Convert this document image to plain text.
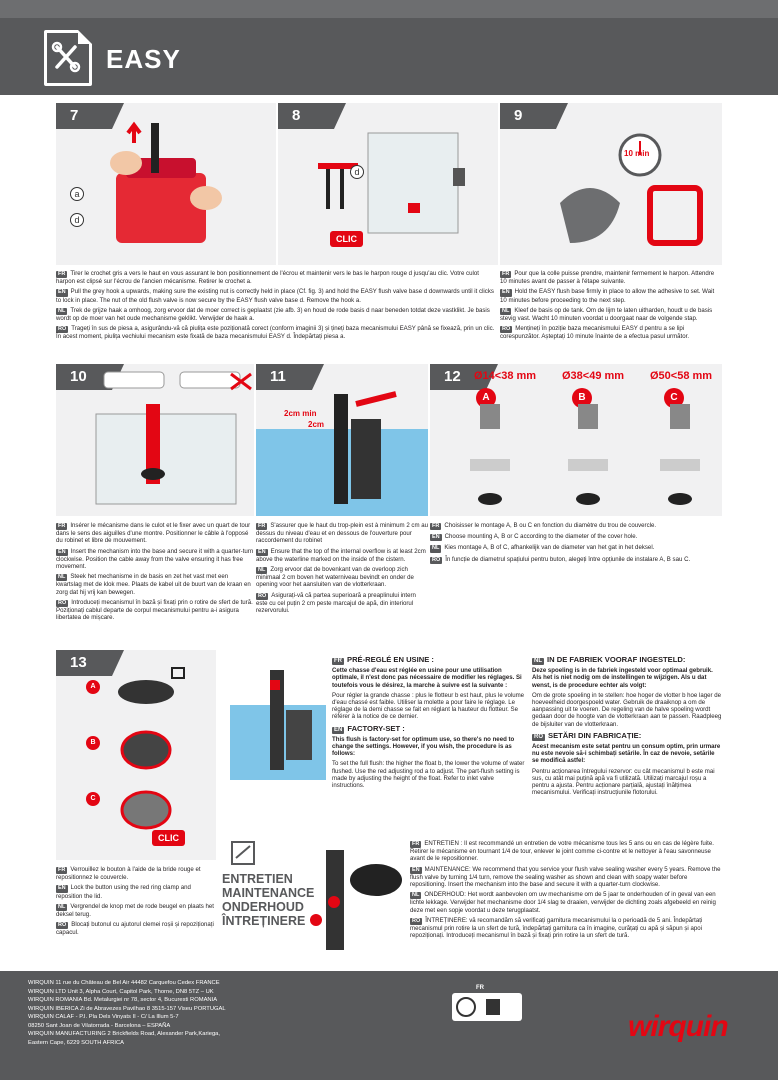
EASY
7
a
d
8
d
CLIC
9
10 min

FR Tirer le crochet gris a vers le haut en vous assurant le bon positionnement de l'écrou et maintenir vers le bas le harpon rouge d jusqu'au clic. Votre culot harpon est clipsé sur l'écrou de l'ancien mécanisme. Retirer le crochet a.

EN Pull the grey hook a upwards, making sure the existing nut is correctly held in place (Cf. fig. 3) and hold the EASY flush valve base d downwards until it clicks to lock in place. The nut of the old flush valve is now secure by the EASY flush valve base d. Remove the hook a.

NL Trek de grijze haak a omhoog, zorg ervoor dat de moer correct is geplaatst (zie afb. 3) en houd de rode basis d naar beneden totdat deze vastklikt. Je basis wordt op de moer van het oude mechanisme geklikt. Verwijder de haak a.

RO Trageți în sus de piesa a, asigurându-vă că piulița este poziționată corect (conform imaginii 3) și țineți baza mecanismului EASY până se fixează, prin un clic. În acest moment, piulița vechiului mecanism este fixată de baza mecanismului EASY d. Îndepărtați piesa a.

FR Pour que la colle puisse prendre, maintenir fermement le harpon. Attendre 10 minutes avant de passer à l'étape suivante.

EN Hold the EASY flush base firmly in place to allow the adhesive to set. Wait 10 minutes before proceeding to the next step.

NL Kleef de basis op de tank. Om de lijm te laten uitharden, houdt u de basis stevig vast. Wacht 10 minuten voordat u doorgaat naar de volgende stap.

RO Mențineți în poziție baza mecanismului EASY d pentru a se lipi corespunzător. Așteptați 10 minute înainte de a efectua pasul următor.

10	11
2cm min
2cm
12	Ø14<38 mm Ø38<49 mm Ø50<58 mm
A	B	C

FR Insérer le mécanisme dans le culot et le fixer avec un quart de tour dans le sens des aiguilles d'une montre. Positionner le câble à l'opposé du robinet et libre de mouvement.

EN Insert the mechanism into the base and secure it with a quarter-turn clockwise. Position the cable away from the valve ensuring it has free movement.

NL Steek het mechanisme in de basis en zet het vast met een kwartslag met de klok mee. Plaats de kabel uit de buurt van de kraan en zorg dat hij vrij kan bewegen.

RO Introduceți mecanismul în bază și fixați prin o rotire de sfert de tură. Poziționați cablul departe de corpul mecanismului pentru a-i asigura libertatea de mișcare.

FR S'assurer que le haut du trop-plein est à minimum 2 cm au dessus du niveau d'eau et en dessous de l'ouverture pour raccordement du robinet

EN Ensure that the top of the internal overflow is at least 2cm above the waterline marked on the inside of the cistern.

NL Zorg ervoor dat de bovenkant van de overloop zich minimaal 2 cm boven het waterniveau bevindt en onder de opening voor het aansluiten van de vlotterkraan.

RO Asigurați-vă că partea superioară a preaplinului intern este cu cel puțin 2 cm peste marcajul de apă, din interiorul rezervorului.

FR Choisisser le montage A, B ou C en fonction du diamètre du trou de couvercle.

EN Choose mounting A, B or C according to the diameter of the cover hole.

NL Kies montage A, B of C, afhankelijk van de diameter van het gat in het deksel.

RO În funcție de diametrul spațiului pentru buton, alegeți între opțiunile de instalare A, B sau C.

13
A
B
C
CLIC

FR Verrouillez le bouton à l'aide de la bride rouge et repositionnez le couvercle.

EN Lock the button using the red ring clamp and reposition the lid.

NL Vergrendel de knop met de rode beugel en plaats het deksel terug.

RO Blocați butonul cu ajutorul clemei roșii și repoziționați capacul.

FR PRÉ-REGLÉ EN USINE :

Cette chasse d'eau est réglée en usine pour une utilisation optimale, il n'est donc pas nécessaire de modifier les réglages. Si toutefois vous le désirez, la marche à suivre est la suivante :

Pour régler la grande chasse : plus le flotteur b est haut, plus le volume d'eau chassé est faible. Utiliser la molette a pour faire le réglage. Le réglage de la demi chasse se fait en réglant la hauteur du flotteur. Se référer à la notice de ce dernier.

EN FACTORY-SET :

This flush is factory-set for optimum use, so there's no need to change the settings. However, if you wish, the procedure is as follows:

To set the full flush: the higher the float b, the lower the volume of water flushed. Use the red adjusting rod a to adjust. The part-flush setting is made by adjusting the height of the float. Refer to inlet valve instructions.

NL IN DE FABRIEK VOORAF INGESTELD:

Deze spoeling is in de fabriek ingesteld voor optimaal gebruik. Als het is niet nodig om de instellingen te wijzigen. Als u dat wenst, is de procedure echter als volgt:

Om de grote spoeling in te stellen: hoe hoger de vlotter b hoe lager de hoeveelheid doorgespoeld water. Gebruik de draaiknop a om de aanpassing uit te voeren. De regeling van de halve spoeling wordt gedaan door de hoogte van de vlotterkraan aan te passen. Raadpleeg de bijsluiter van de vlotterkraan.

RO SETĂRI DIN FABRICAȚIE:

Acest mecanism este setat pentru un consum optim, prin urmare nu este nevoie să-i schimbați setările. În caz de nevoie, setările se modifică astfel:

Pentru acționarea întregului rezervor: cu cât mecanismul b este mai sus, cu atât mai puțină apă va fi utilizată. Utilizați marcajul roșu a pentru a ajusta. Pentru acționare parțială, ajustați înălțimea mecanismului. Verificați instrucțiunile flotorului.

ENTRETIEN
MAINTENANCE
ONDERHOUD
ÎNTREȚINERE

FR ENTRETIEN : Il est recommandé un entretien de votre mécanisme tous les 5 ans ou en cas de légère fuite. Retirer le mécanisme en tournant 1/4 de tour, enlever le joint comme ci-contre et le nettoyer à l'eau savonneuse avant de le repositionner.

EN MAINTENANCE: We recommend that you service your flush valve sealing washer every 5 years. Remove the flush valve by turning 1/4 turn, remove the sealing washer as shown and clean with soapy water before repositioning. Insert the mechanism into the base and secure it with a quarter-turn clockwise.

NL ONDERHOUD: Het wordt aanbevolen om uw mechanisme om de 5 jaar te onderhouden of in geval van een lichte lekkage. Verwijder het mechanisme door 1/4 slag te draaien, verwijder de dichting zoals afgebeeld en reinig deze met een sopje voordat u deze terugplaatst.

RO ÎNTREȚINERE: vă recomandăm să verificați garnitura mecanismului la o perioadă de 5 ani. Îndepărtați mecanismul prin rotire la un sfert de tură, îndepărtați garnitura ca în imagine, curățați cu apă și săpun și apoi repoziționați. Introduceți mecanismul în bază și fixați prin rotire la un sfert de tură.

WIRQUIN 11 rue du Château de Bel Air 44482 Carquefou Cedex FRANCE
WIRQUIN LTD Unit 3, Alpha Court, Capitol Park, Thorne, DN8 5TZ – UK
WIRQUIN ROMANIA Bd. Metalurgiei nr 78, sector 4, Bucuresti ROMANIA
WIRQUIN IBERICA Zi de Abravezes Pavilhao 8 3515-157 Viseu PORTUGAL
WIRQUIN CALAF - P.I. Pla Dels Vinyats II - C/ La Illum 5-7
08250 Sant Joan de Vilatorrada - Barcelona – ESPAÑA
WIRQUIN MANUFACTURING 2 Brickfields Road, Alexander Park,Kariega,
Eastern Cape, 6229 SOUTH AFRICA
FR
wirquin
